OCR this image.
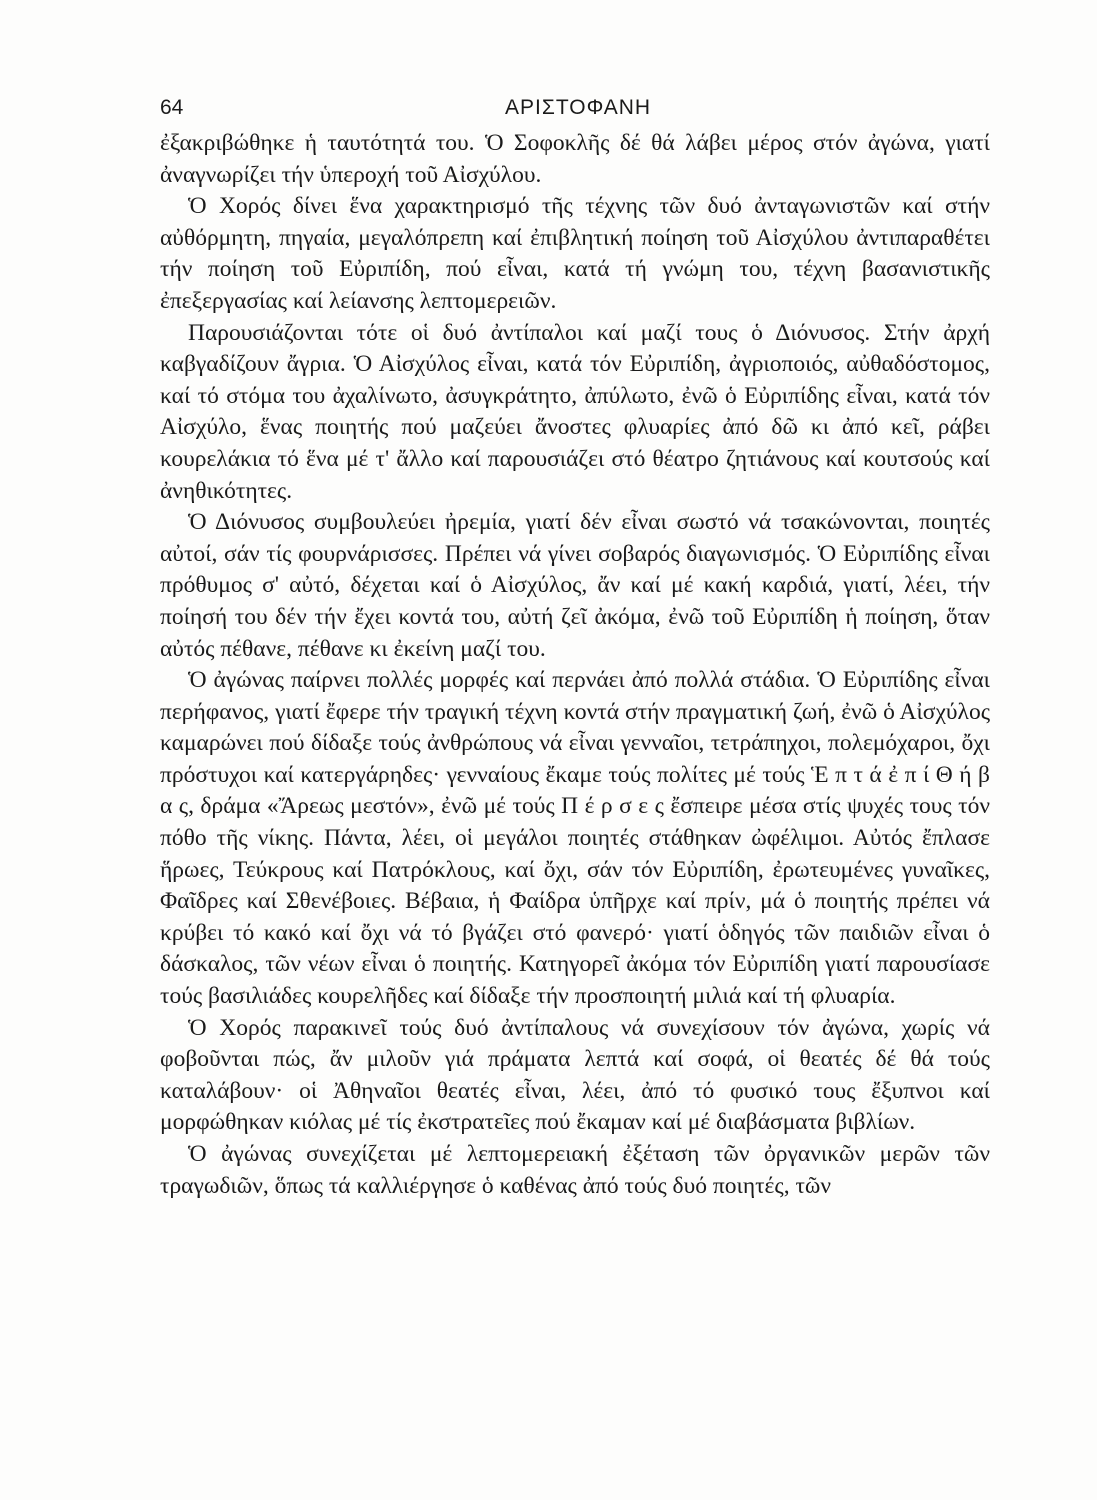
64	ΑΡΙΣΤΟΦΑΝΗ

ἐξακριβώθηκε ἡ ταυτότητά του. Ὁ Σοφοκλῆς δέ θά λάβει μέρος στόν ἀγώνα, γιατί ἀναγνωρίζει τήν ὑπεροχή τοῦ Αἰσχύλου.

Ὁ Χορός δίνει ἕνα χαρακτηρισμό τῆς τέχνης τῶν δυό ἀνταγωνιστῶν καί στήν αὐθόρμητη, πηγαία, μεγαλόπρεπη καί ἐπιβλητική ποίηση τοῦ Αἰσχύλου ἀντιπαραθέτει τήν ποίηση τοῦ Εὐριπίδη, πού εἶναι, κατά τή γνώμη του, τέχνη βασανιστικῆς ἐπεξεργασίας καί λείανσης λεπτομερειῶν.

Παρουσιάζονται τότε οἱ δυό ἀντίπαλοι καί μαζί τους ὁ Διόνυσος. Στήν ἀρχή καβγαδίζουν ἄγρια. Ὁ Αἰσχύλος εἶναι, κατά τόν Εὐριπίδη, ἀγριοποιός, αὐθαδόστομος, καί τό στόμα του ἀχαλίνωτο, ἀσυγκράτητο, ἀπύλωτο, ἐνῶ ὁ Εὐριπίδης εἶναι, κατά τόν Αἰσχύλο, ἕνας ποιητής πού μαζεύει ἄνοστες φλυαρίες ἀπό δῶ κι ἀπό κεῖ, ράβει κουρελάκια τό ἕνα μέ τ' ἄλλο καί παρουσιάζει στό θέατρο ζητιάνους καί κουτσούς καί ἀνηθικότητες.

Ὁ Διόνυσος συμβουλεύει ἠρεμία, γιατί δέν εἶναι σωστό νά τσακώνονται, ποιητές αὐτοί, σάν τίς φουρνάρισσες. Πρέπει νά γίνει σοβαρός διαγωνισμός. Ὁ Εὐριπίδης εἶναι πρόθυμος σ' αὐτό, δέχεται καί ὁ Αἰσχύλος, ἄν καί μέ κακή καρδιά, γιατί, λέει, τήν ποίησή του δέν τήν ἔχει κοντά του, αὐτή ζεῖ ἀκόμα, ἐνῶ τοῦ Εὐριπίδη ἡ ποίηση, ὅταν αὐτός πέθανε, πέθανε κι ἐκείνη μαζί του.

Ὁ ἀγώνας παίρνει πολλές μορφές καί περνάει ἀπό πολλά στάδια. Ὁ Εὐριπίδης εἶναι περήφανος, γιατί ἔφερε τήν τραγική τέχνη κοντά στήν πραγματική ζωή, ἐνῶ ὁ Αἰσχύλος καμαρώνει πού δίδαξε τούς ἀνθρώπους νά εἶναι γενναῖοι, τετράπηχοι, πολεμόχαροι, ὄχι πρόστυχοι καί κατεργάρηδες· γενναίους ἔκαμε τούς πολίτες μέ τούς Ἑ π τ ά ἐ π ί Θ ή β α ς, δράμα «Ἄρεως μεστόν», ἐνῶ μέ τούς Π έ ρ σ ε ς ἔσπειρε μέσα στίς ψυχές τους τόν πόθο τῆς νίκης. Πάντα, λέει, οἱ μεγάλοι ποιητές στάθηκαν ὠφέλιμοι. Αὐτός ἔπλασε ἥρωες, Τεύκρους καί Πατρόκλους, καί ὄχι, σάν τόν Εὐριπίδη, ἐρωτευμένες γυναῖκες, Φαῖδρες καί Σθενέβοιες. Βέβαια, ἡ Φαίδρα ὑπῆρχε καί πρίν, μά ὁ ποιητής πρέπει νά κρύβει τό κακό καί ὄχι νά τό βγάζει στό φανερό· γιατί ὁδηγός τῶν παιδιῶν εἶναι ὁ δάσκαλος, τῶν νέων εἶναι ὁ ποιητής. Κατηγορεῖ ἀκόμα τόν Εὐριπίδη γιατί παρουσίασε τούς βασιλιάδες κουρελῆδες καί δίδαξε τήν προσποιητή μιλιά καί τή φλυαρία.

Ὁ Χορός παρακινεῖ τούς δυό ἀντίπαλους νά συνεχίσουν τόν ἀγώνα, χωρίς νά φοβοῦνται πώς, ἄν μιλοῦν γιά πράματα λεπτά καί σοφά, οἱ θεατές δέ θά τούς καταλάβουν· οἱ Ἀθηναῖοι θεατές εἶναι, λέει, ἀπό τό φυσικό τους ἔξυπνοι καί μορφώθηκαν κιόλας μέ τίς ἐκστρατεῖες πού ἔκαμαν καί μέ διαβάσματα βιβλίων.

Ὁ ἀγώνας συνεχίζεται μέ λεπτομερειακή ἐξέταση τῶν ὀργανικῶν μερῶν τῶν τραγωδιῶν, ὅπως τά καλλιέργησε ὁ καθένας ἀπό τούς δυό ποιητές, τῶν
